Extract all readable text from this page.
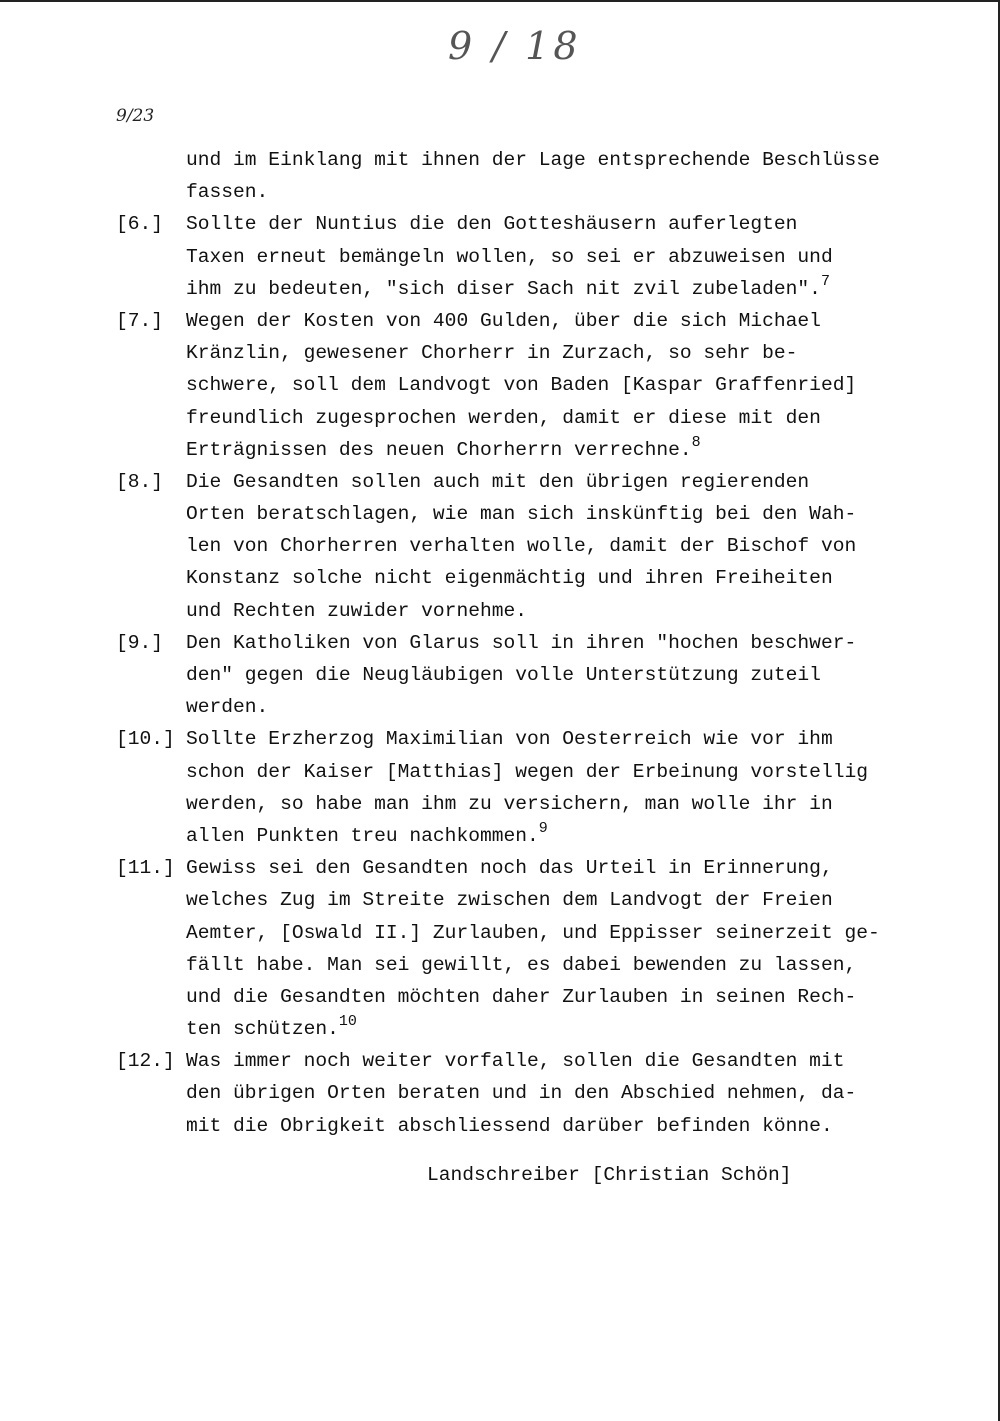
9 / 18
9/23
und im Einklang mit ihnen der Lage entsprechende Beschlüsse
fassen.
[6.]	Sollte der Nuntius die den Gotteshäusern auferlegten
Taxen erneut bemängeln wollen, so sei er abzuweisen und
ihm zu bedeuten, "sich diser Sach nit zvil zubeladen".$^7$
[7.]	Wegen der Kosten von 400 Gulden, über die sich Michael
Kränzlin, gewesener Chorherr in Zurzach, so sehr be-
schwere, soll dem Landvogt von Baden [Kaspar Graffenried]
freundlich zugesprochen werden, damit er diese mit den
Erträgnissen des neuen Chorherrn verrechne.$^8$
[8.]	Die Gesandten sollen auch mit den übrigen regierenden
Orten beratschlagen, wie man sich inskünftig bei den Wah-
len von Chorherren verhalten wolle, damit der Bischof von
Konstanz solche nicht eigenmächtig und ihren Freiheiten
und Rechten zuwider vornehme.
[9.]	Den Katholiken von Glarus soll in ihren "hochen beschwer-
den" gegen die Neugläubigen volle Unterstützung zuteil
werden.
[10.] Sollte Erzherzog Maximilian von Oesterreich wie vor ihm
schon der Kaiser [Matthias] wegen der Erbeinung vorstellig
werden, so habe man ihm zu versichern, man wolle ihr in
allen Punkten treu nachkommen.$^9$
[11.] Gewiss sei den Gesandten noch das Urteil in Erinnerung,
welches Zug im Streite zwischen dem Landvogt der Freien
Aemter, [Oswald II.] Zurlauben, und Eppisser seinerzeit ge-
fällt habe. Man sei gewillt, es dabei bewenden zu lassen,
und die Gesandten möchten daher Zurlauben in seinen Rech-
ten schützen.$^{10}$
[12.] Was immer noch weiter vorfalle, sollen die Gesandten mit
den übrigen Orten beraten und in den Abschied nehmen, da-
mit die Obrigkeit abschliessend darüber befinden könne.
Landschreiber [Christian Schön]
